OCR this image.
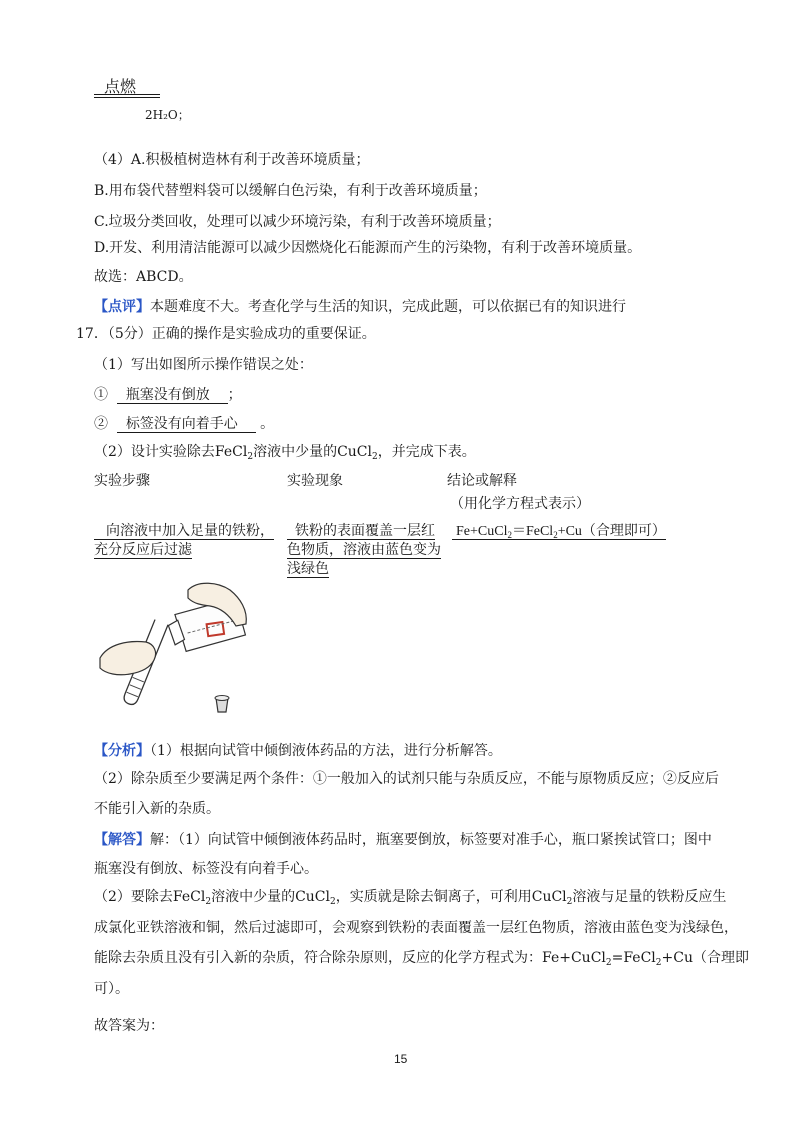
点燃
2H₂O；
（4）A.积极植树造林有利于改善环境质量；
B.用布袋代替塑料袋可以缓解白色污染，有利于改善环境质量；
C.垃圾分类回收，处理可以减少环境污染，有利于改善环境质量；
D.开发、利用清洁能源可以减少因燃烧化石能源而产生的污染物，有利于改善环境质量。
故选：ABCD。
【点评】本题难度不大。考查化学与生活的知识，完成此题，可以依据已有的知识进行
17．（5分）正确的操作是实验成功的重要保证。
（1）写出如图所示操作错误之处：
① 瓶塞没有倒放 ；
② 标签没有向着手心 。
（2）设计实验除去FeCl$_2$溶液中少量的CuCl$_2$，并完成下表。
实验步骤	实验现象	结论或解释
（用化学方程式表示）
向溶液中加入足量的铁粉，充分反应后过滤
铁粉的表面覆盖一层红色物质，溶液由蓝色变为浅绿色
Fe+CuCl$_2$＝FeCl$_2$+Cu（合理即可）
【分析】（1）根据向试管中倾倒液体药品的方法，进行分析解答。
（2）除杂质至少要满足两个条件：①一般加入的试剂只能与杂质反应，不能与原物质反应；②反应后
不能引入新的杂质。
【解答】解：（1）向试管中倾倒液体药品时，瓶塞要倒放，标签要对准手心，瓶口紧挨试管口；图中
瓶塞没有倒放、标签没有向着手心。
（2）要除去FeCl$_2$溶液中少量的CuCl$_2$，实质就是除去铜离子，可利用CuCl$_2$溶液与足量的铁粉反应生
成氯化亚铁溶液和铜，然后过滤即可，会观察到铁粉的表面覆盖一层红色物质，溶液由蓝色变为浅绿色，
能除去杂质且没有引入新的杂质，符合除杂原则，反应的化学方程式为：Fe+CuCl$_2$=FeCl$_2$+Cu（合理即
可）。
故答案为：
15
